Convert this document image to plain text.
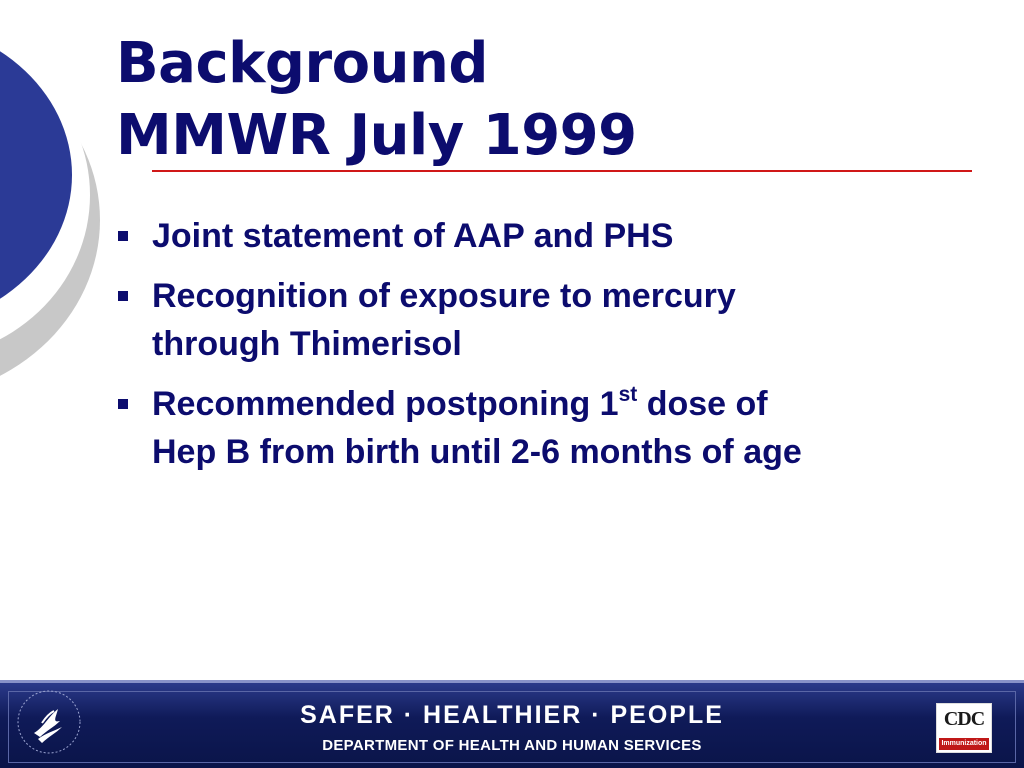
Background
MMWR July 1999
Joint statement of AAP and PHS
Recognition of exposure to mercury
through Thimerisol
Recommended postponing 1st dose of
Hep B from birth until 2-6 months of age
SAFER · HEALTHIER · PEOPLE
DEPARTMENT OF HEALTH AND HUMAN SERVICES
CDC
Immunization
